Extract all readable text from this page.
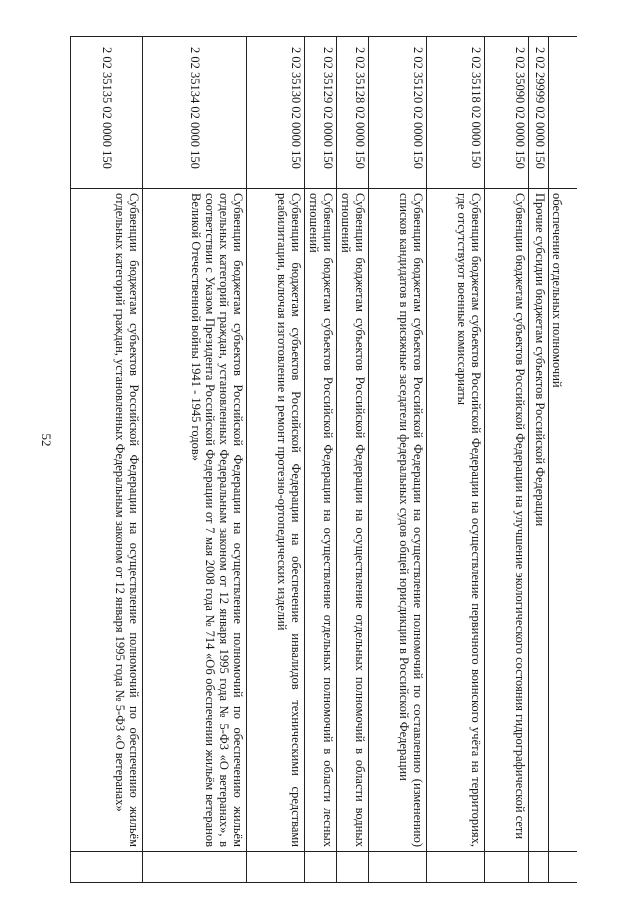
52
	обеспечение отдельных полномочий	
2 02 29999 02 0000 150	Прочие субсидии бюджетам субъектов Российской Федерации	
2 02 35090 02 0000 150	Субвенции бюджетам субъектов Российской Федерации на улучшение экологического состояния гидрографической сети	
2 02 35118 02 0000 150	Субвенции бюджетам субъектов Российской Федерации на осуществление первичного воинского учёта на территориях, где отсутствуют военные комиссариаты	
2 02 35120 02 0000 150	Субвенции бюджетам субъектов Российской Федерации на осуществление полномочий по составлению (изменению) списков кандидатов в присяжные заседатели федеральных судов общей юрисдикции в Российской Федерации	
2 02 35128 02 0000 150	Субвенции бюджетам субъектов Российской Федерации на осуществление отдельных полномочий в области водных отношений	
2 02 35129 02 0000 150	Субвенции бюджетам субъектов Российской Федерации на осуществление отдельных полномочий в области лесных отношений	
2 02 35130 02 0000 150	Субвенции бюджетам субъектов Российской Федерации на обеспечение инвалидов техническими средствами реабилитации, включая изготовление и ремонт протезно-ортопедических изделий	
2 02 35134 02 0000 150	Субвенции бюджетам субъектов Российской Федерации на осуществление полномочий по обеспечению жильём отдельных категорий граждан, установленных Федеральным законом от 12 января 1995 года № 5-ФЗ «О ветеранах», в соответствии с Указом Президента Российской Федерации от 7 мая 2008 года № 714 «Об обеспечении жильём ветеранов Великой Отечественной войны 1941 - 1945 годов»	
2 02 35135 02 0000 150	Субвенции бюджетам субъектов Российской Федерации на осуществление полномочий по обеспечению жильём отдельных категорий граждан, установленных Федеральным законом от 12 января 1995 года № 5-ФЗ «О ветеранах»	
